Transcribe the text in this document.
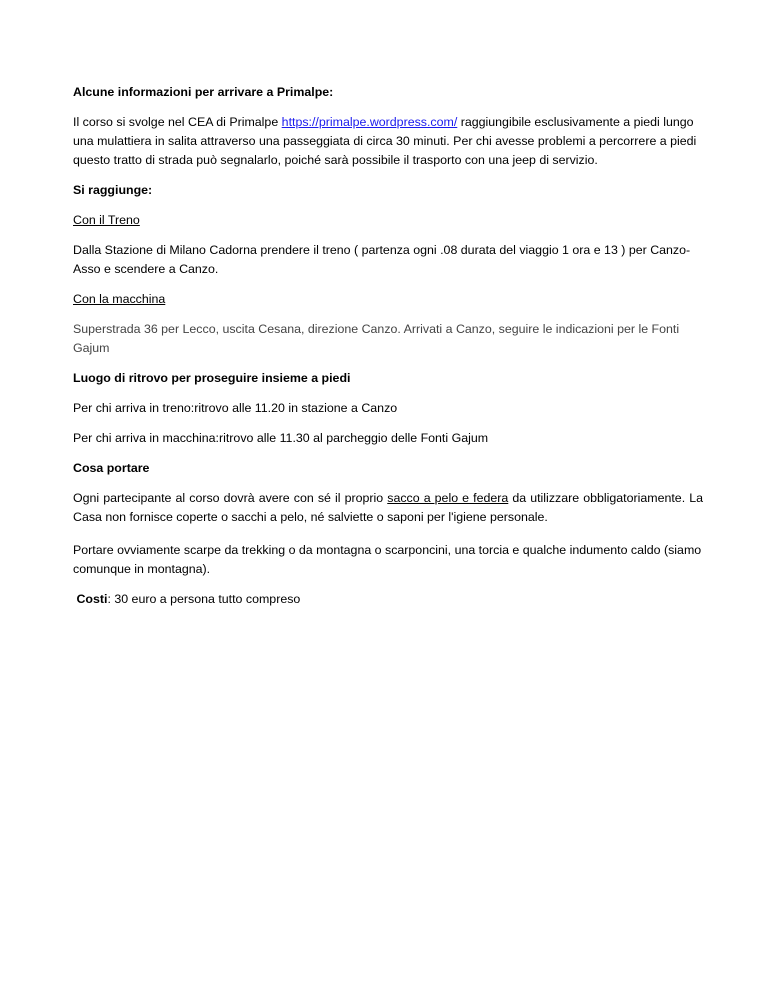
Alcune informazioni per arrivare a Primalpe:

Il corso si svolge nel CEA di Primalpe https://primalpe.wordpress.com/ raggiungibile esclusivamente a piedi lungo una mulattiera in salita attraverso una passeggiata di circa 30 minuti. Per chi avesse problemi a percorrere a piedi questo tratto di strada può segnalarlo, poiché sarà possibile il trasporto con una jeep di servizio.

Si raggiunge:

Con il Treno

Dalla Stazione di Milano Cadorna prendere il treno ( partenza ogni .08 durata del viaggio 1 ora e 13 ) per Canzo-Asso e scendere a Canzo.

Con la macchina

Superstrada 36 per Lecco, uscita Cesana, direzione Canzo. Arrivati a Canzo, seguire le indicazioni per le Fonti Gajum

Luogo di ritrovo per proseguire insieme a piedi

Per chi arriva in treno:ritrovo alle 11.20 in stazione a Canzo

Per chi arriva in macchina:ritrovo alle 11.30 al parcheggio delle Fonti Gajum

Cosa portare

Ogni partecipante al corso dovrà avere con sé il proprio sacco a pelo e federa da utilizzare obbligatoriamente. La Casa non fornisce coperte o sacchi a pelo, né salviette o saponi per l'igiene personale.

Portare ovviamente scarpe da trekking o da montagna o scarponcini, una torcia e qualche indumento caldo (siamo comunque in montagna).

Costi: 30 euro a persona tutto compreso
